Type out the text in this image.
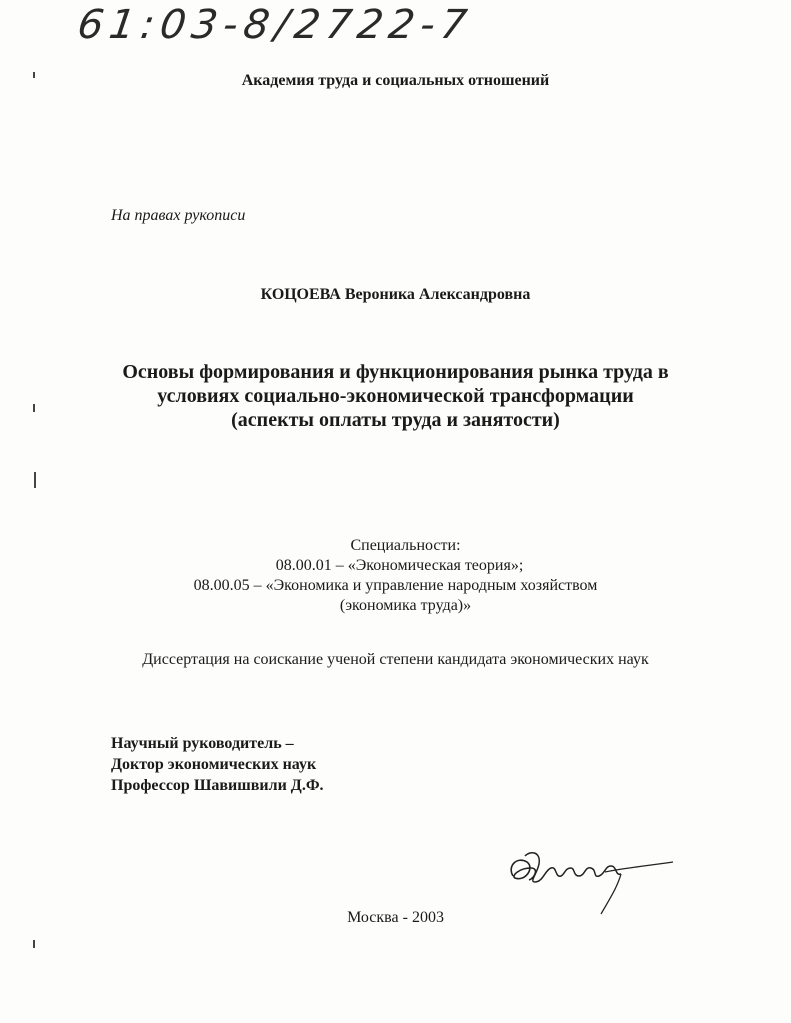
61:03-8/2722-7
Академия труда и социальных отношений
На правах рукописи
КОЦОЕВА Вероника Александровна
Основы формирования и функционирования рынка труда в
условиях социально-экономической трансформации
(аспекты оплаты труда и занятости)
Специальности:
08.00.01 – «Экономическая теория»;
08.00.05 – «Экономика и управление народным хозяйством
(экономика труда)»
Диссертация на соискание ученой степени кандидата экономических наук
Научный руководитель –
Доктор экономических наук
Профессор Шавишвили Д.Ф.
Москва - 2003
